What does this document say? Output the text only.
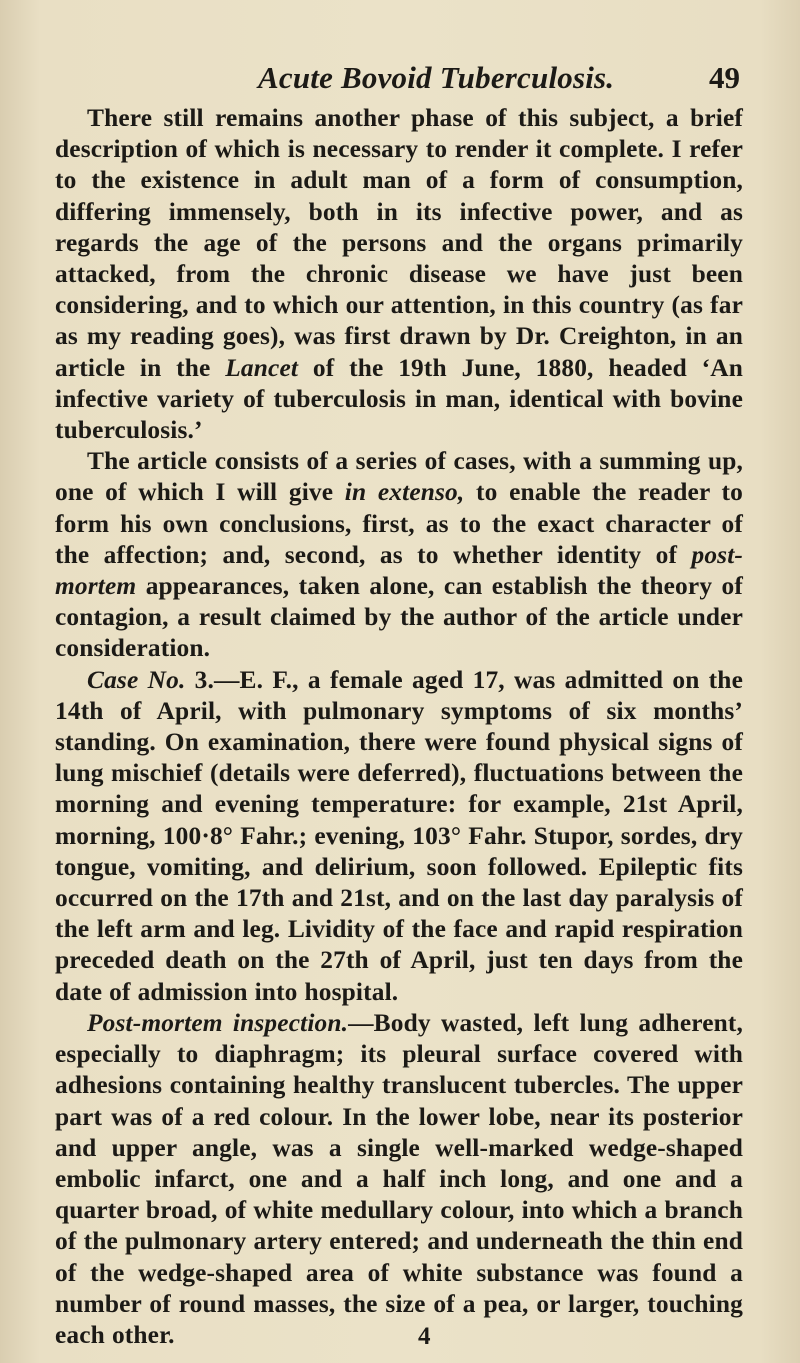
Acute Bovoid Tuberculosis.	49

There still remains another phase of this subject, a brief description of which is necessary to render it complete. I refer to the existence in adult man of a form of consumption, differing immensely, both in its infective power, and as regards the age of the persons and the organs primarily attacked, from the chronic disease we have just been considering, and to which our attention, in this country (as far as my reading goes), was first drawn by Dr. Creighton, in an article in the Lancet of the 19th June, 1880, headed ‘An infective variety of tuberculosis in man, identical with bovine tuberculosis.’

The article consists of a series of cases, with a summing up, one of which I will give in extenso, to enable the reader to form his own conclusions, first, as to the exact character of the affection; and, second, as to whether identity of post-mortem appearances, taken alone, can establish the theory of contagion, a result claimed by the author of the article under consideration.

Case No. 3.—E. F., a female aged 17, was admitted on the 14th of April, with pulmonary symptoms of six months’ standing. On examination, there were found physical signs of lung mischief (details were deferred), fluctuations between the morning and evening temperature: for example, 21st April, morning, 100·8° Fahr.; evening, 103° Fahr. Stupor, sordes, dry tongue, vomiting, and delirium, soon followed. Epileptic fits occurred on the 17th and 21st, and on the last day paralysis of the left arm and leg. Lividity of the face and rapid respiration preceded death on the 27th of April, just ten days from the date of admission into hospital.

Post-mortem inspection.—Body wasted, left lung adherent, especially to diaphragm; its pleural surface covered with adhesions containing healthy translucent tubercles. The upper part was of a red colour. In the lower lobe, near its posterior and upper angle, was a single well-marked wedge-shaped embolic infarct, one and a half inch long, and one and a quarter broad, of white medullary colour, into which a branch of the pulmonary artery entered; and underneath the thin end of the wedge-shaped area of white substance was found a number of round masses, the size of a pea, or larger, touching each other.	4
